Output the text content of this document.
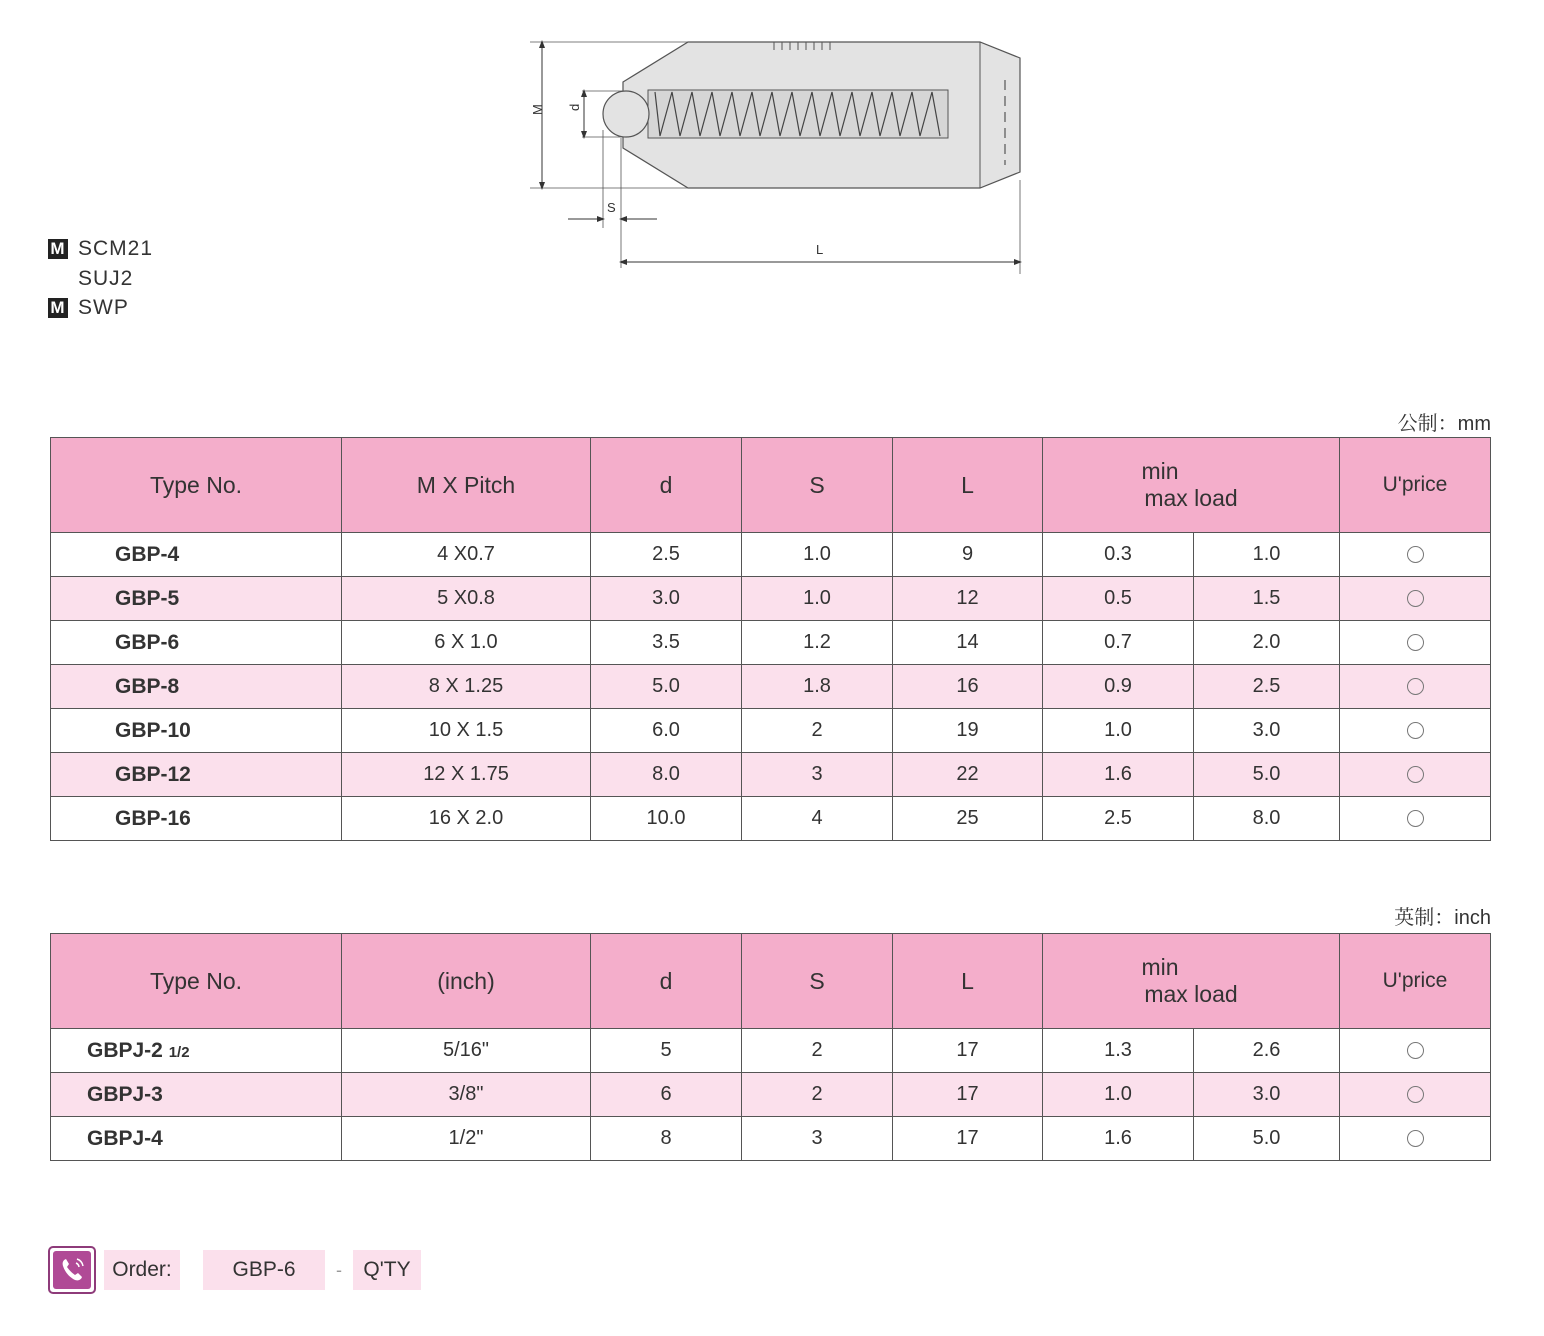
M d
S
L
M SCM21
SUJ2
M SWP
公制：mm
Type No.	M X Pitch	d	S	L	min
max load		U'price
GBP-4	4 X0.7	2.5	1.0	9	0.3	1.0	
GBP-5	5 X0.8	3.0	1.0	12	0.5	1.5	
GBP-6	6 X 1.0	3.5	1.2	14	0.7	2.0	
GBP-8	8 X 1.25	5.0	1.8	16	0.9	2.5	
GBP-10	10 X 1.5	6.0	2	19	1.0	3.0	
GBP-12	12 X 1.75	8.0	3	22	1.6	5.0	
GBP-16	16 X 2.0	10.0	4	25	2.5	8.0	
英制：inch
Type No.	(inch)	d	S	L	min
max load		U'price
GBPJ-2 1/2	5/16"	5	2	17	1.3	2.6	
GBPJ-3	3/8"	6	2	17	1.0	3.0	
GBPJ-4	1/2"	8	3	17	1.6	5.0	
Order:	GBP-6	-	Q'TY
